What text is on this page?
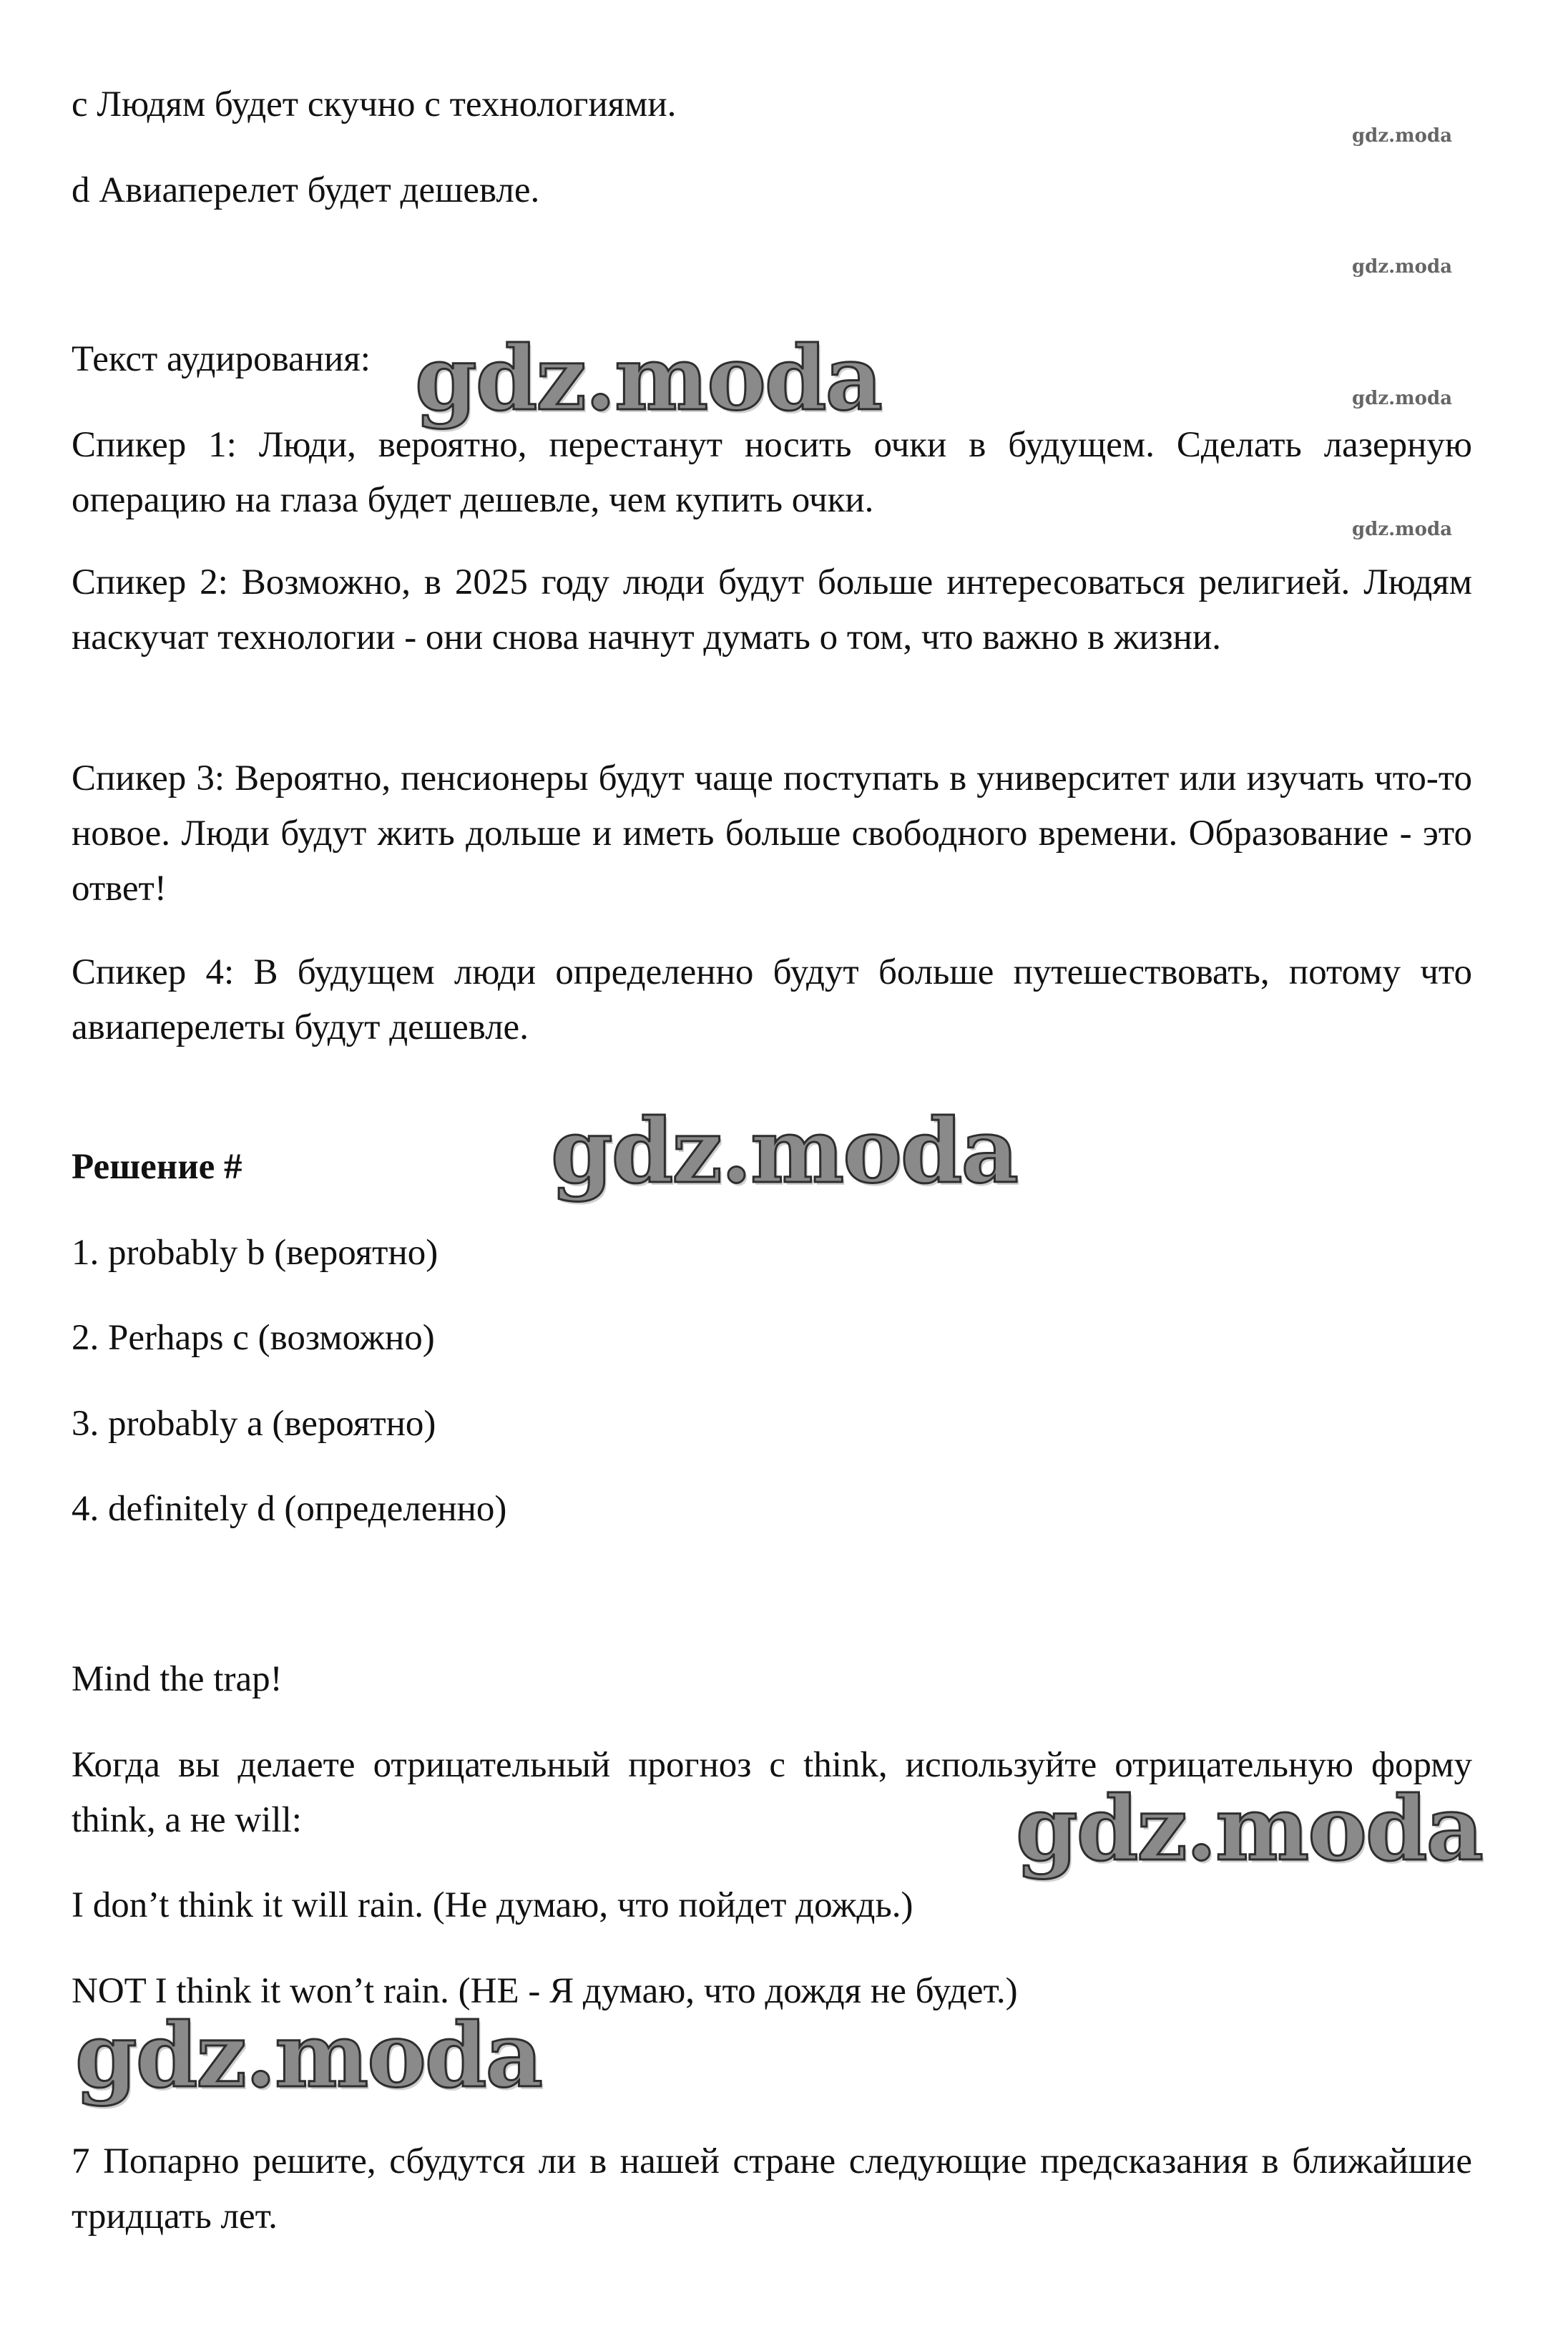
gdz.moda
gdz.moda
gdz.moda
gdz.moda

c Людям будет скучно с технологиями.

d Авиаперелет будет дешевле.

Текст аудирования:

Спикер 1: Люди, вероятно, перестанут носить очки в будущем. Сделать лазерную операцию на глаза будет дешевле, чем купить очки.

Спикер 2: Возможно, в 2025 году люди будут больше интересоваться религией. Людям наскучат технологии - они снова начнут думать о том, что важно в жизни.

Спикер 3: Вероятно, пенсионеры будут чаще поступать в университет или изучать что-то новое. Люди будут жить дольше и иметь больше свободного времени. Образование - это ответ!

Спикер 4: В будущем люди определенно будут больше путешествовать, потому что авиаперелеты будут дешевле.

Решение #

1. probably b (вероятно)

2. Perhaps c (возможно)

3. probably a (вероятно)

4. definitely d (определенно)

Mind the trap!

Когда вы делаете отрицательный прогноз с think, используйте отрицательную форму think, а не will:

I don’t think it will rain. (Не думаю, что пойдет дождь.)

NOT I think it won’t rain. (НЕ - Я думаю, что дождя не будет.)

7 Попарно решите, сбудутся ли в нашей стране следующие предсказания в ближайшие тридцать лет.

gdz.moda
gdz.moda
gdz.moda
gdz.moda
